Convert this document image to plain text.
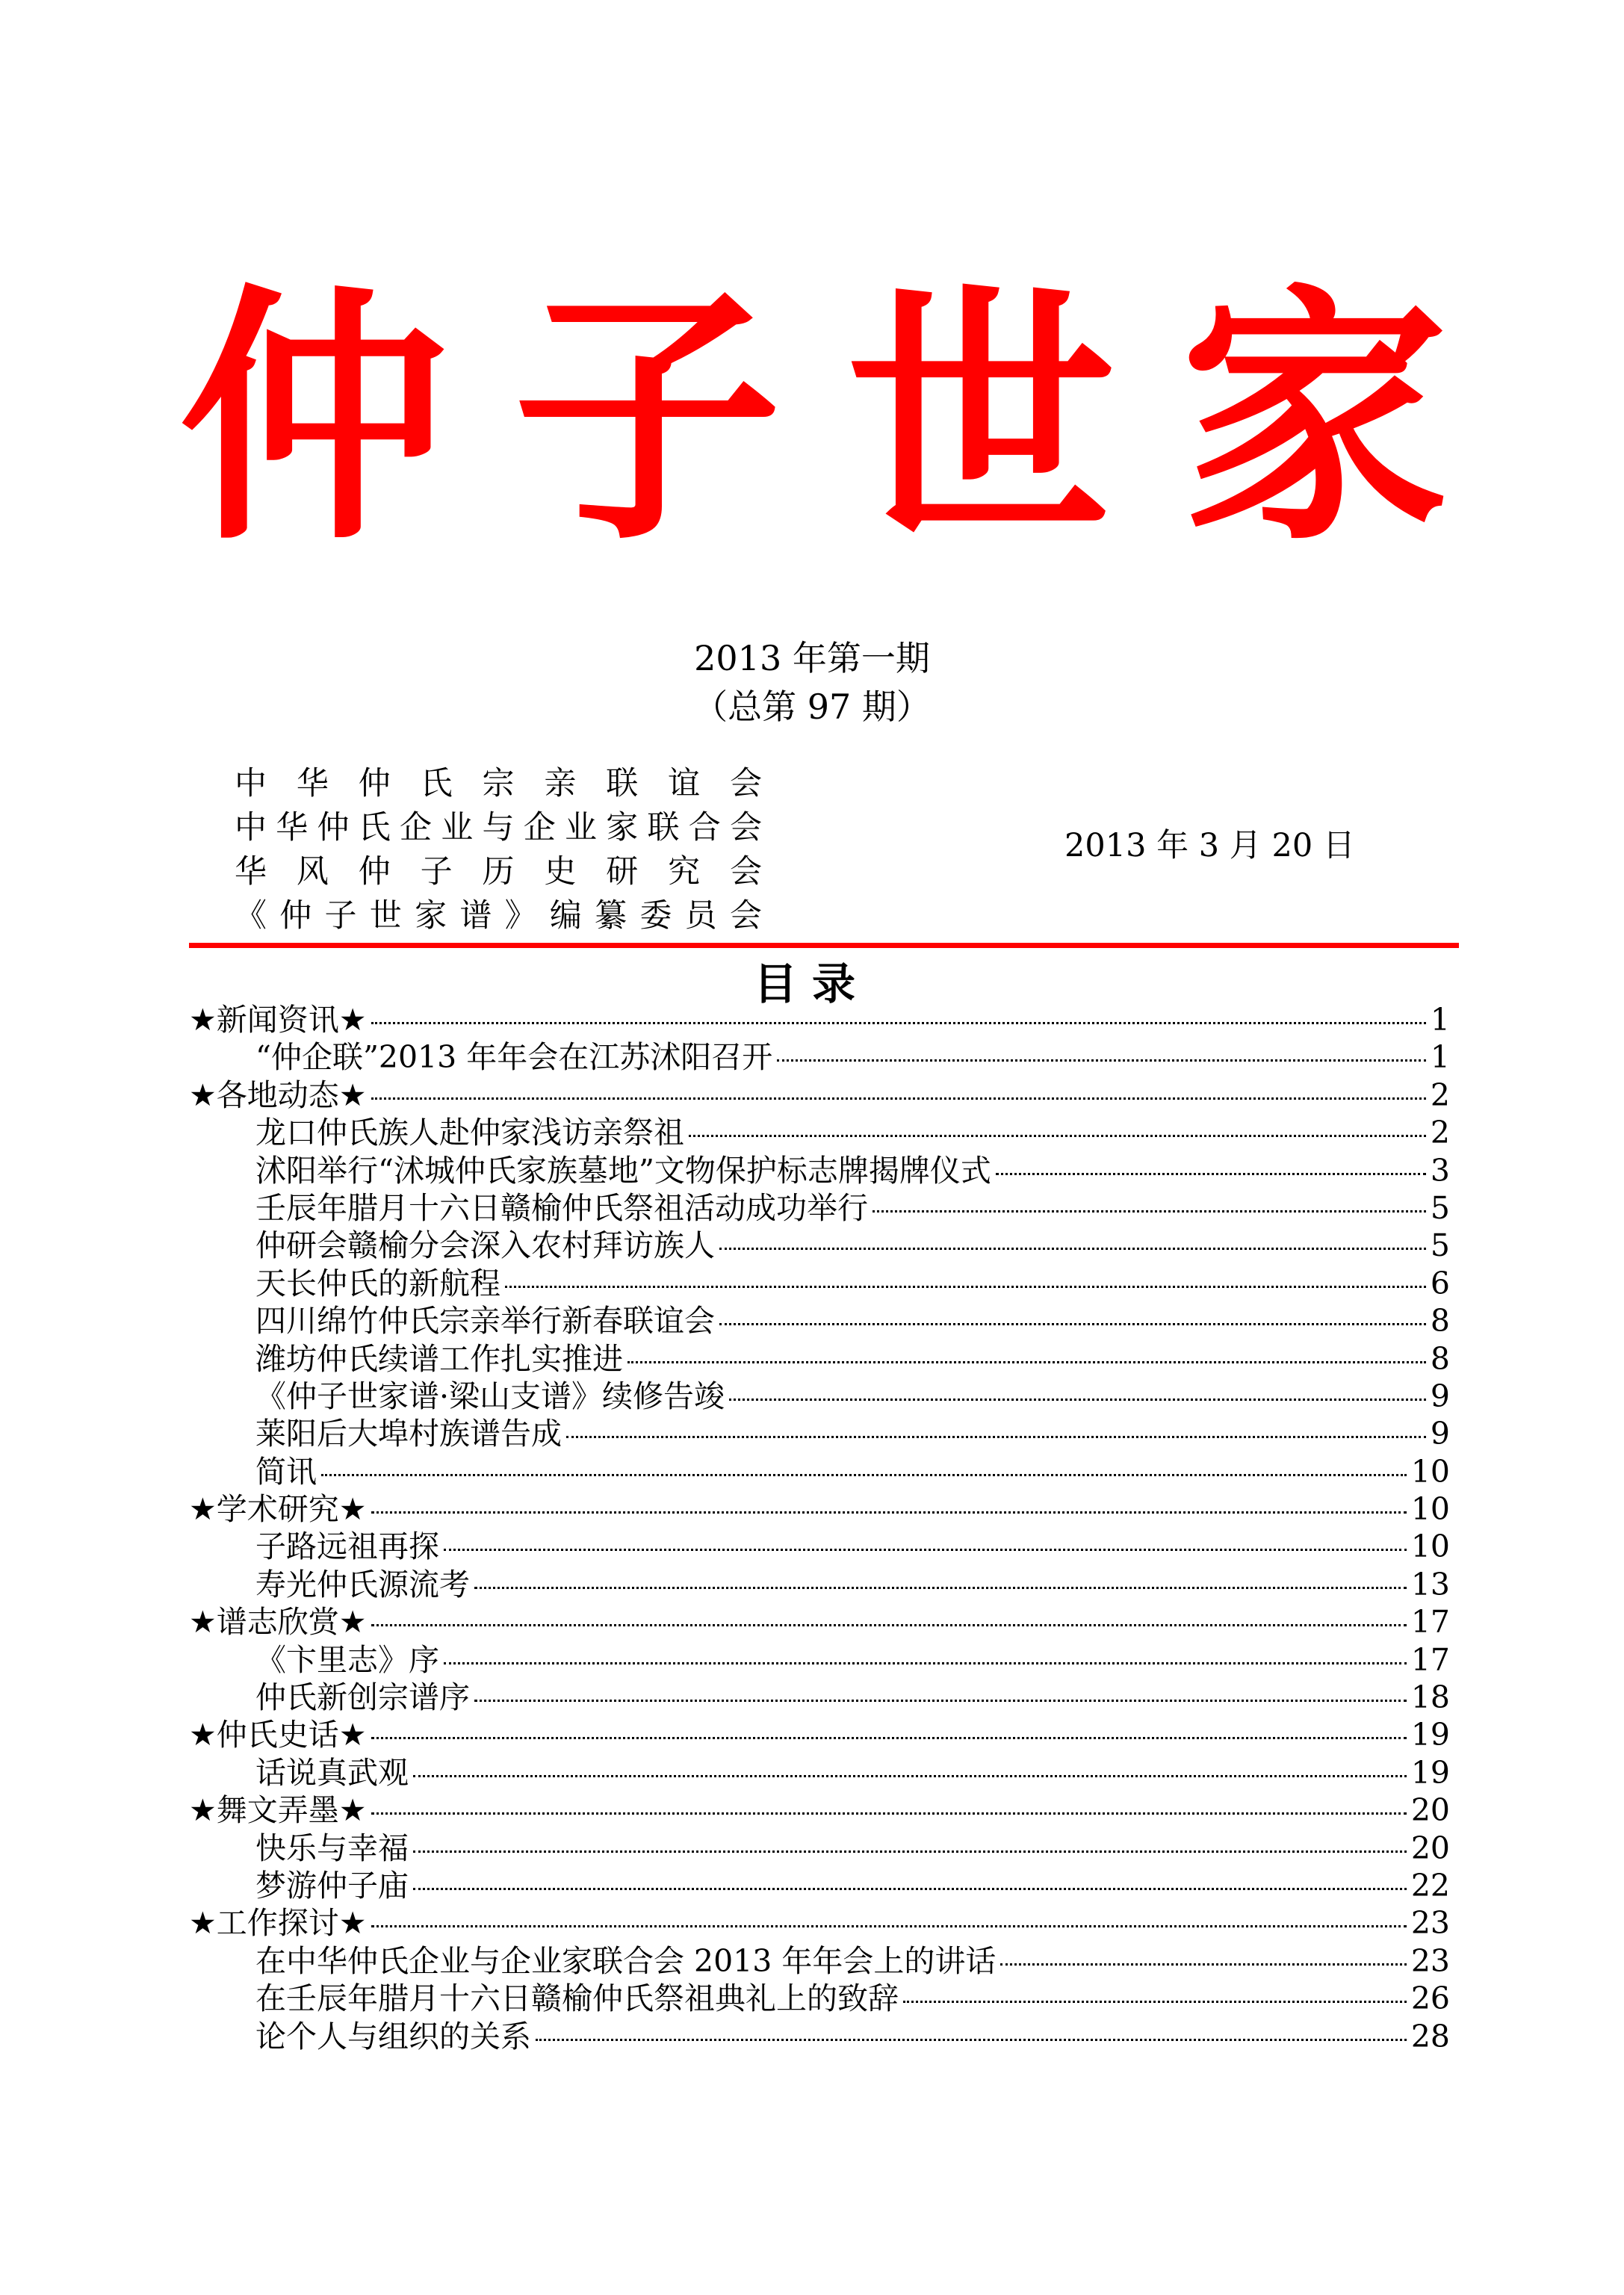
仲 子 世 家
2013 年第一期
（总第 97 期）
中 华 仲 氏 宗 亲 联 谊 会
中 华 仲 氏 企 业 与 企 业 家 联 合 会
华 风 仲 子 历 史 研 究 会
《 仲 子 世 家 谱 》 编 纂 委 员 会
2013 年 3 月 20 日
目录
★新闻资讯★	1
“仲企联”2013 年年会在江苏沭阳召开	1
★各地动态★	2
龙口仲氏族人赴仲家浅访亲祭祖	2
沭阳举行“沭城仲氏家族墓地”文物保护标志牌揭牌仪式	3
壬辰年腊月十六日赣榆仲氏祭祖活动成功举行	5
仲研会赣榆分会深入农村拜访族人	5
天长仲氏的新航程	6
四川绵竹仲氏宗亲举行新春联谊会	8
潍坊仲氏续谱工作扎实推进	8
《仲子世家谱·梁山支谱》续修告竣	9
莱阳后大埠村族谱告成	9
简讯	10
★学术研究★	10
子路远祖再探	10
寿光仲氏源流考	13
★谱志欣赏★	17
《卞里志》序	17
仲氏新创宗谱序	18
★仲氏史话★	19
话说真武观	19
★舞文弄墨★	20
快乐与幸福	20
梦游仲子庙	22
★工作探讨★	23
在中华仲氏企业与企业家联合会 2013 年年会上的讲话	23
在壬辰年腊月十六日赣榆仲氏祭祖典礼上的致辞	26
论个人与组织的关系	28
